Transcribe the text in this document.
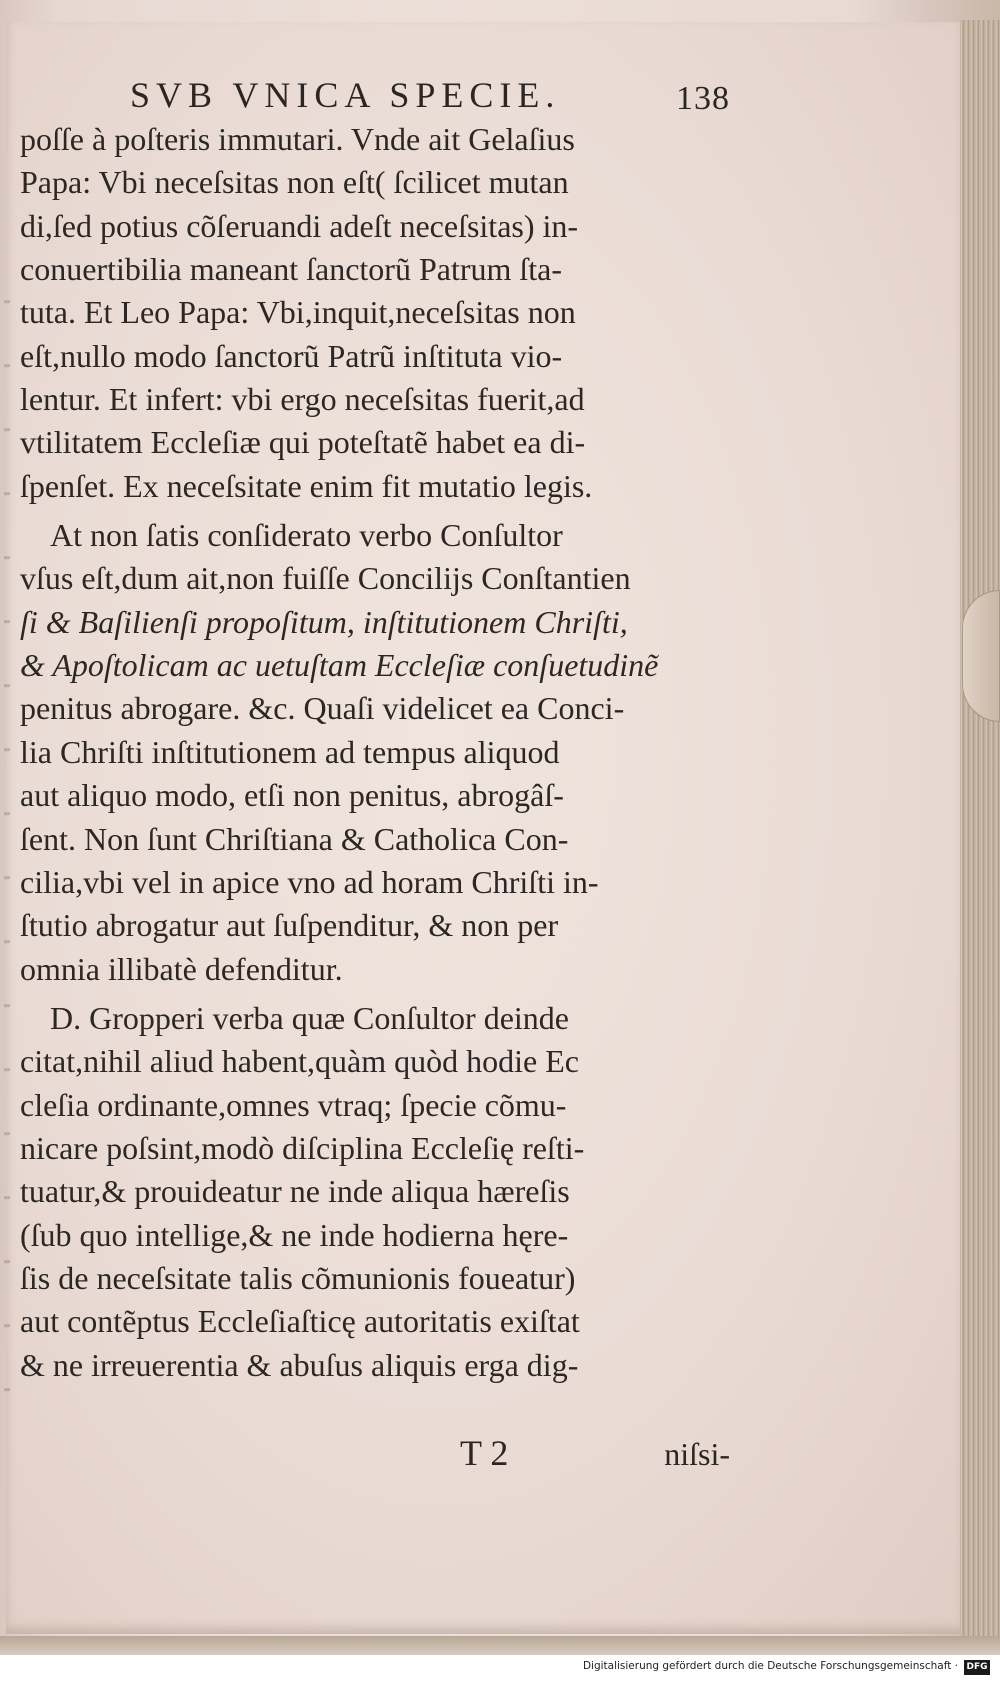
SVB VNICA SPECIE.	138
poſſe à poſteris immutari. Vnde ait Gelaſius
Papa: Vbi neceſsitas non eſt( ſcilicet mutan
di,ſed potius cõſeruandi adeſt neceſsitas) in-
conuertibilia maneant ſanctorũ Patrum ſta-
tuta. Et Leo Papa: Vbi,inquit,neceſsitas non
eſt,nullo modo ſanctorũ Patrũ inſtituta vio-
lentur. Et infert: vbi ergo neceſsitas fuerit,ad
vtilitatem Eccleſiæ qui poteſtatẽ habet ea di-
ſpenſet. Ex neceſsitate enim fit mutatio legis.
At non ſatis conſiderato verbo Conſultor
vſus eſt,dum ait,non fuiſſe Concilijs Conſtantien
ſi & Baſilienſi propoſitum, inſtitutionem Chriſti,
& Apoſtolicam ac uetuſtam Eccleſiæ conſuetudinẽ
penitus abrogare. &c. Quaſi videlicet ea Conci-
lia Chriſti inſtitutionem ad tempus aliquod
aut aliquo modo, etſi non penitus, abrogâſ-
ſent. Non ſunt Chriſtiana & Catholica Con-
cilia,vbi vel in apice vno ad horam Chriſti in-
ſtutio abrogatur aut ſuſpenditur, & non per
omnia illibatè defenditur.
D. Gropperi verba quæ Conſultor deinde
citat,nihil aliud habent,quàm quòd hodie Ec
cleſia ordinante,omnes vtraq; ſpecie cõmu-
nicare poſsint,modò diſciplina Eccleſię reſti-
tuatur,& prouideatur ne inde aliqua hæreſis
(ſub quo intellige,& ne inde hodierna hęre-
ſis de neceſsitate talis cõmunionis foueatur)
aut contẽptus Eccleſiaſticę autoritatis exiſtat
& ne irreuerentia & abuſus aliquis erga dig-
T 2	niſsi-
Digitalisierung gefördert durch die Deutsche Forschungsgemeinschaft · DFG
